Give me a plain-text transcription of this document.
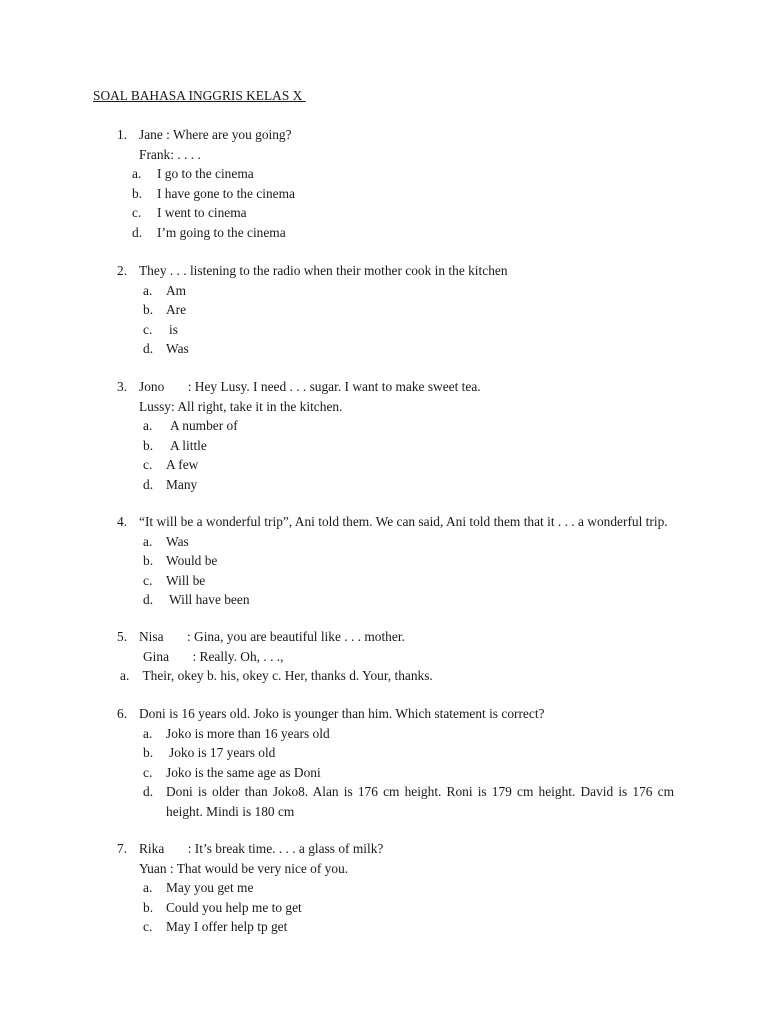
SOAL BAHASA INGGRIS KELAS X
1. Jane : Where are you going?
Frank: . . . .
a. I go to the cinema
b. I have gone to the cinema
c. I went to cinema
d. I’m going to the cinema
2. They . . . listening to the radio when their mother cook in the kitchen
a. Am
b. Are
c. is
d. Was
3. Jono       : Hey Lusy. I need . . . sugar. I want to make sweet tea.
Lussy: All right, take it in the kitchen.
a. A number of
b. A little
c. A few
d. Many
4. “It will be a wonderful trip”, Ani told them. We can said, Ani told them that it . . . a wonderful trip.
a. Was
b. Would be
c. Will be
d. Will have been
5. Nisa       : Gina, you are beautiful like . . . mother.
Gina       : Really. Oh, . . .,
a.    Their, okey b. his, okey c. Her, thanks d. Your, thanks.
6. Doni is 16 years old. Joko is younger than him. Which statement is correct?
a. Joko is more than 16 years old
b. Joko is 17 years old
c. Joko is the same age as Doni
d. Doni is older than Joko8. Alan is 176 cm height. Roni is 179 cm height. David is 176 cm height. Mindi is 180 cm
7. Rika       : It’s break time. . . . a glass of milk?
Yuan : That would be very nice of you.
a. May you get me
b. Could you help me to get
c. May I offer help tp get
